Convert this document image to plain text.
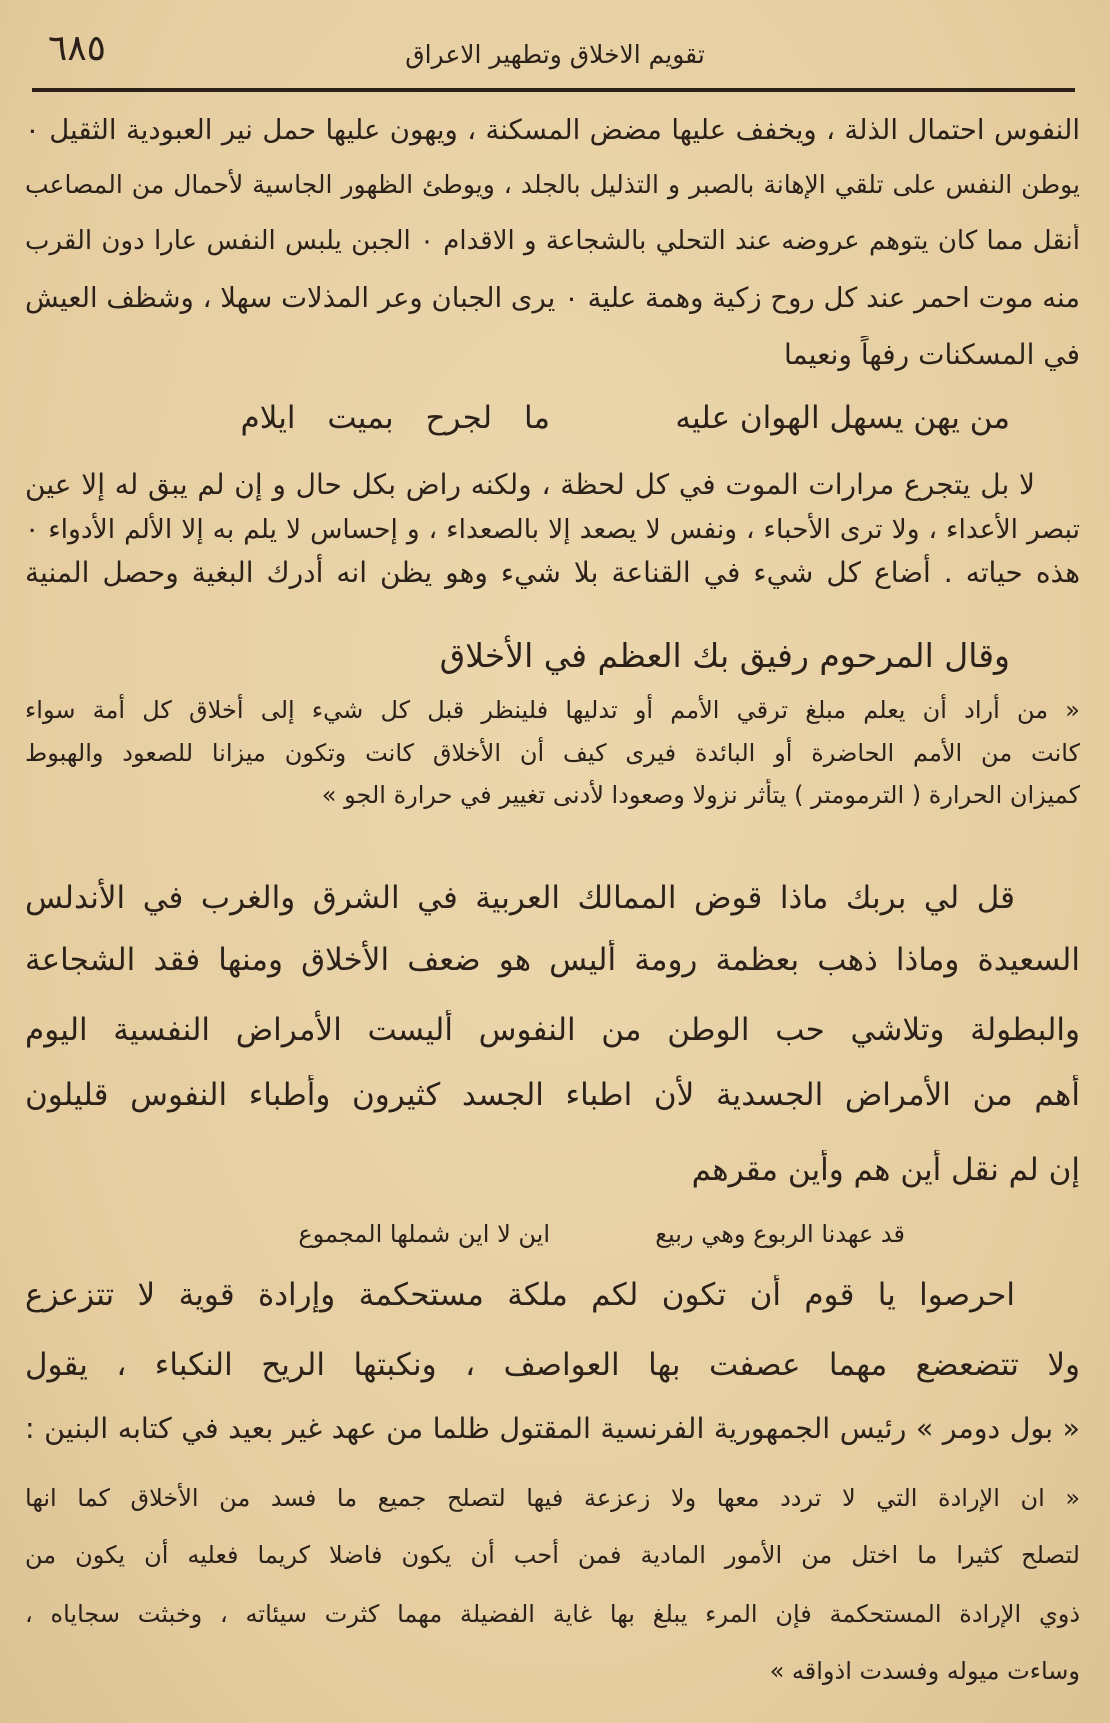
٦٨٥	تقويم الاخلاق وتطهير الاعراق
النفوس احتمال الذلة ، ويخفف عليها مضض المسكنة ، ويهون عليها حمل نير العبودية الثقيل ٠
يوطن النفس على تلقي الإهانة بالصبر و التذليل بالجلد ، ويوطئ الظهور الجاسية لأحمال من المصاعب
أنقل مما كان يتوهم عروضه عند التحلي بالشجاعة و الاقدام ٠ الجبن يلبس النفس عارا دون القرب
منه موت احمر عند كل روح زكية وهمة علية ٠ يرى الجبان وعر المذلات سهلا ، وشظف العيش
في المسكنات رفهاً ونعيما
من يهن يسهل الهوان عليه
ما لجرح بميت ايلام
لا بل يتجرع مرارات الموت في كل لحظة ، ولكنه راض بكل حال و إن لم يبق له إلا عين
تبصر الأعداء ، ولا ترى الأحباء ، ونفس لا يصعد إلا بالصعداء ، و إحساس لا يلم به إلا الألم الأدواء ٠
هذه حياته . أضاع كل شيء في القناعة بلا شيء وهو يظن انه أدرك البغية وحصل المنية
وقال المرحوم رفيق بك العظم في الأخلاق
« من أراد أن يعلم مبلغ ترقي الأمم أو تدليها فلينظر قبل كل شيء إلى أخلاق كل أمة سواء
كانت من الأمم الحاضرة أو البائدة فيرى كيف أن الأخلاق كانت وتكون ميزانا للصعود والهبوط
كميزان الحرارة ( الترمومتر ) يتأثر نزولا وصعودا لأدنى تغيير في حرارة الجو »
قل لي بربك ماذا قوض الممالك العربية في الشرق والغرب في الأندلس
السعيدة وماذا ذهب بعظمة رومة أليس هو ضعف الأخلاق ومنها فقد الشجاعة
والبطولة وتلاشي حب الوطن من النفوس أليست الأمراض النفسية اليوم
أهم من الأمراض الجسدية لأن اطباء الجسد كثيرون وأطباء النفوس قليلون
إن لم نقل أين هم وأين مقرهم
قد عهدنا الربوع وهي ربيع
اين لا اين شملها المجموع
احرصوا يا قوم أن تكون لكم ملكة مستحكمة وإرادة قوية لا تتزعزع
ولا تتضعضع مهما عصفت بها العواصف ، ونكبتها الريح النكباء ، يقول
« بول دومر » رئيس الجمهورية الفرنسية المقتول ظلما من عهد غير بعيد في كتابه البنين :
« ان الإرادة التي لا تردد معها ولا زعزعة فيها لتصلح جميع ما فسد من الأخلاق كما انها
لتصلح كثيرا ما اختل من الأمور المادية فمن أحب أن يكون فاضلا كريما فعليه أن يكون من
ذوي الإرادة المستحكمة فإن المرء يبلغ بها غاية الفضيلة مهما كثرت سيئاته ، وخبثت سجاياه ،
وساءت ميوله وفسدت اذواقه »
